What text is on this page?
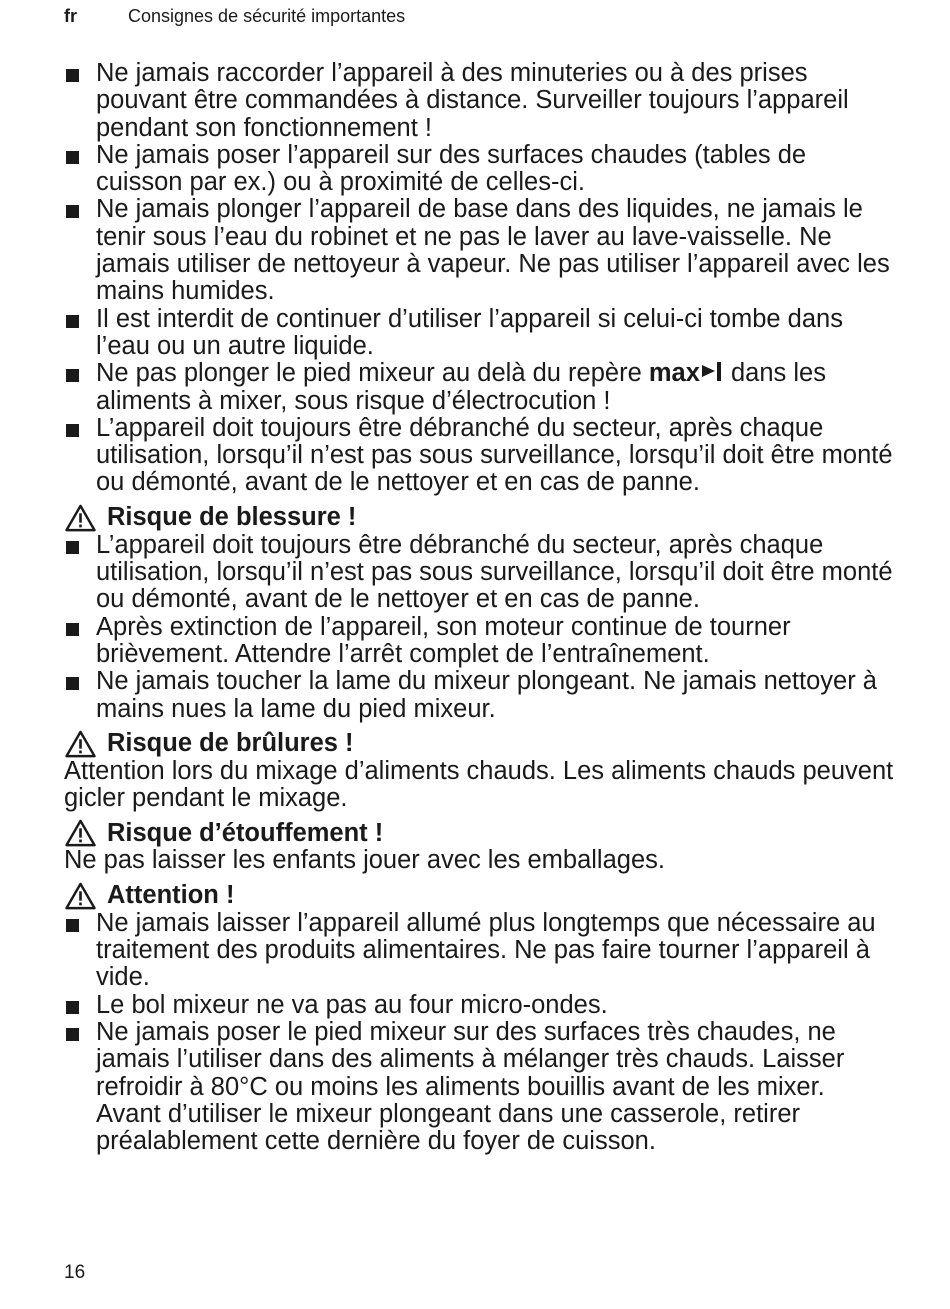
fr	Consignes de sécurité importantes
Ne jamais raccorder l’appareil à des minuteries ou à des prises pouvant être commandées à distance. Surveiller toujours l’appareil pendant son fonctionnement !
Ne jamais poser l’appareil sur des surfaces chaudes (tables de cuisson par ex.) ou à proximité de celles-ci.
Ne jamais plonger l’appareil de base dans des liquides, ne jamais le tenir sous l’eau du robinet et ne pas le laver au lave-vaisselle. Ne jamais utiliser de nettoyeur à vapeur. Ne pas utiliser l’appareil avec les mains humides.
Il est interdit de continuer d’utiliser l’appareil si celui-ci tombe dans l’eau ou un autre liquide.
Ne pas plonger le pied mixeur au delà du repère max dans les aliments à mixer, sous risque d’électrocution !
L’appareil doit toujours être débranché du secteur, après chaque utilisation, lorsqu’il n’est pas sous surveillance, lorsqu’il doit être monté ou démonté, avant de le nettoyer et en cas de panne.
Risque de blessure !
L’appareil doit toujours être débranché du secteur, après chaque utilisation, lorsqu’il n’est pas sous surveillance, lorsqu’il doit être monté ou démonté, avant de le nettoyer et en cas de panne.
Après extinction de l’appareil, son moteur continue de tourner brièvement. Attendre l’arrêt complet de l’entraînement.
Ne jamais toucher la lame du mixeur plongeant. Ne jamais nettoyer à mains nues la lame du pied mixeur.
Risque de brûlures !

Attention lors du mixage d’aliments chauds. Les aliments chauds peuvent gicler pendant le mixage.

Risque d’étouffement !

Ne pas laisser les enfants jouer avec les emballages.

Attention !
Ne jamais laisser l’appareil allumé plus longtemps que nécessaire au traitement des produits alimentaires. Ne pas faire tourner l’appareil à vide.
Le bol mixeur ne va pas au four micro-ondes.
Ne jamais poser le pied mixeur sur des surfaces très chaudes, ne jamais l’utiliser dans des aliments à mélanger très chauds. Laisser refroidir à 80°C ou moins les aliments bouillis avant de les mixer. Avant d’utiliser le mixeur plongeant dans une casserole, retirer préalablement cette dernière du foyer de cuisson.
16
